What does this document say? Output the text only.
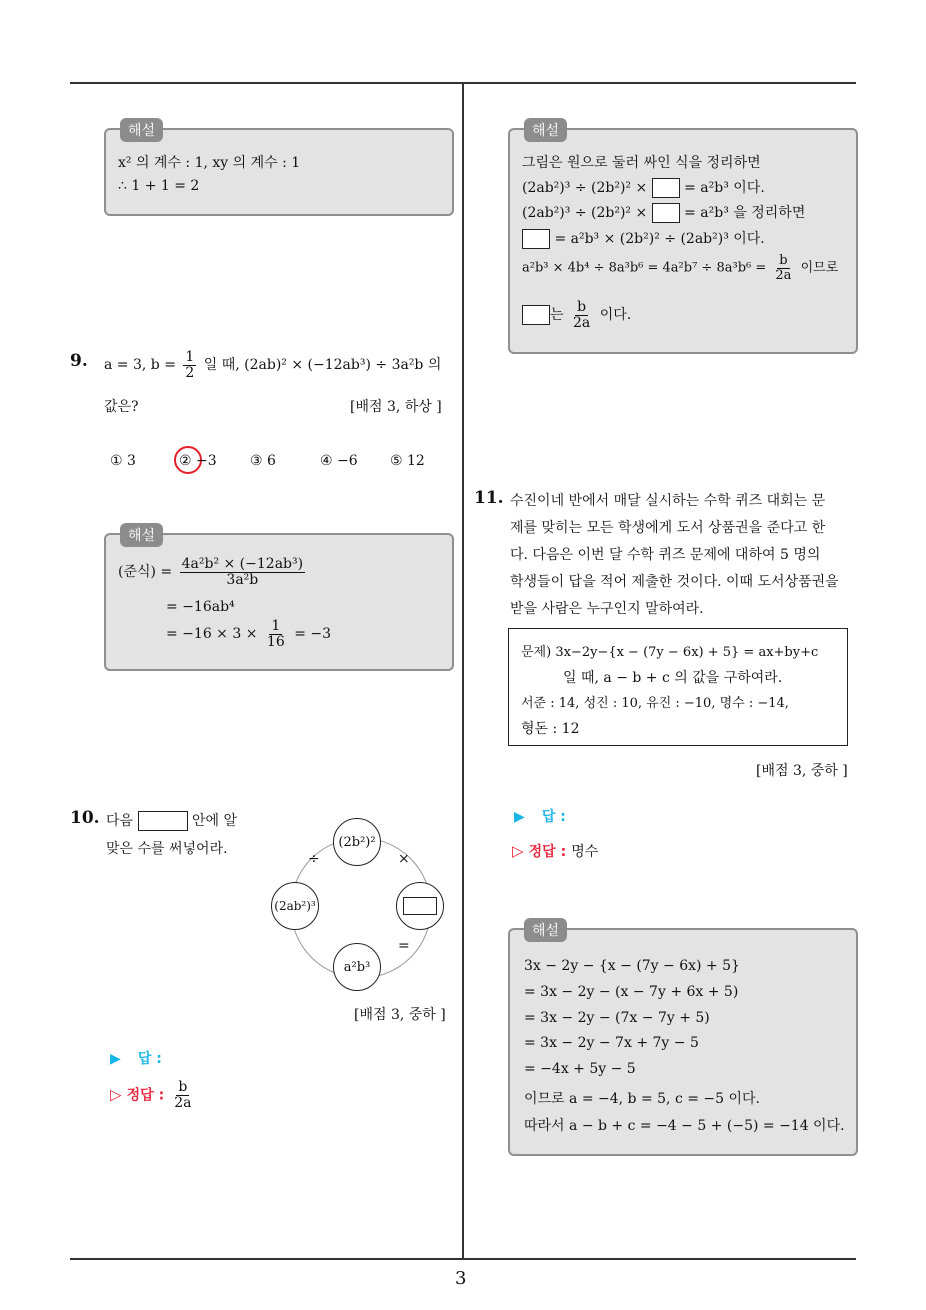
3
해설
x² 의 계수 : 1, xy 의 계수 : 1
∴ 1 + 1 = 2
9. a = 3, $b = \frac{1}{2}$ 일 때, (2ab)² × (−12ab³) ÷ 3a²b 의
값은?	[배점 3, 하상 ]
① 3	② −3 ③ 6	④ −6 ⑤ 12
해설
(준식) = $\frac{\text{4a²b² × (−12ab³)}}{\text{3a²b}}$
= −16ab⁴
= $-16 \times 3 \times \frac{1}{16} = -3$
10. 다음	안에 알
맞은 수를 써넣어라.	(2b²)²
(2ab²)³
a²b³
÷	×
=
[배점 3, 중하 ]
▶ 답 :
▷ 정답 : $\frac{b}{2a}$
해설
그림은 원으로 둘러 싸인 식을 정리하면
(2ab²)³ ÷ (2b²)² ×	= a²b³ 이다.
(2ab²)³ ÷ (2b²)² ×	= a²b³ 을 정리하면
= a²b³ × (2b²)² ÷ (2ab²)³ 이다.
$a^2b^3 \times 4b^4 \div 8a^3b^6 = 4a^2b^7 \div 8a^3b^6 = \frac{b}{2a}$ 이므로
는 $\frac{b}{2a}$ 이다.
11. 수진이네 반에서 매달 실시하는 수학 퀴즈 대회는 문
제를 맞히는 모든 학생에게 도서 상품권을 준다고 한
다. 다음은 이번 달 수학 퀴즈 문제에 대하여 5 명의
학생들이 답을 적어 제출한 것이다. 이때 도서상품권을
받을 사람은 누구인지 말하여라.
문제) 3x−2y−{x − (7y − 6x) + 5} = ax+by+c
일 때, a − b + c 의 값을 구하여라.
서준 : 14, 성진 : 10, 유진 : −10, 명수 : −14,
형돈 : 12
[배점 3, 중하 ]
▶ 답 :
▷ 정답 : 명수
해설
3x − 2y − {x − (7y − 6x) + 5}
= 3x − 2y − (x − 7y + 6x + 5)
= 3x − 2y − (7x − 7y + 5)
= 3x − 2y − 7x + 7y − 5
= −4x + 5y − 5
이므로 a = −4, b = 5, c = −5 이다.
따라서 a − b + c = −4 − 5 + (−5) = −14 이다.
